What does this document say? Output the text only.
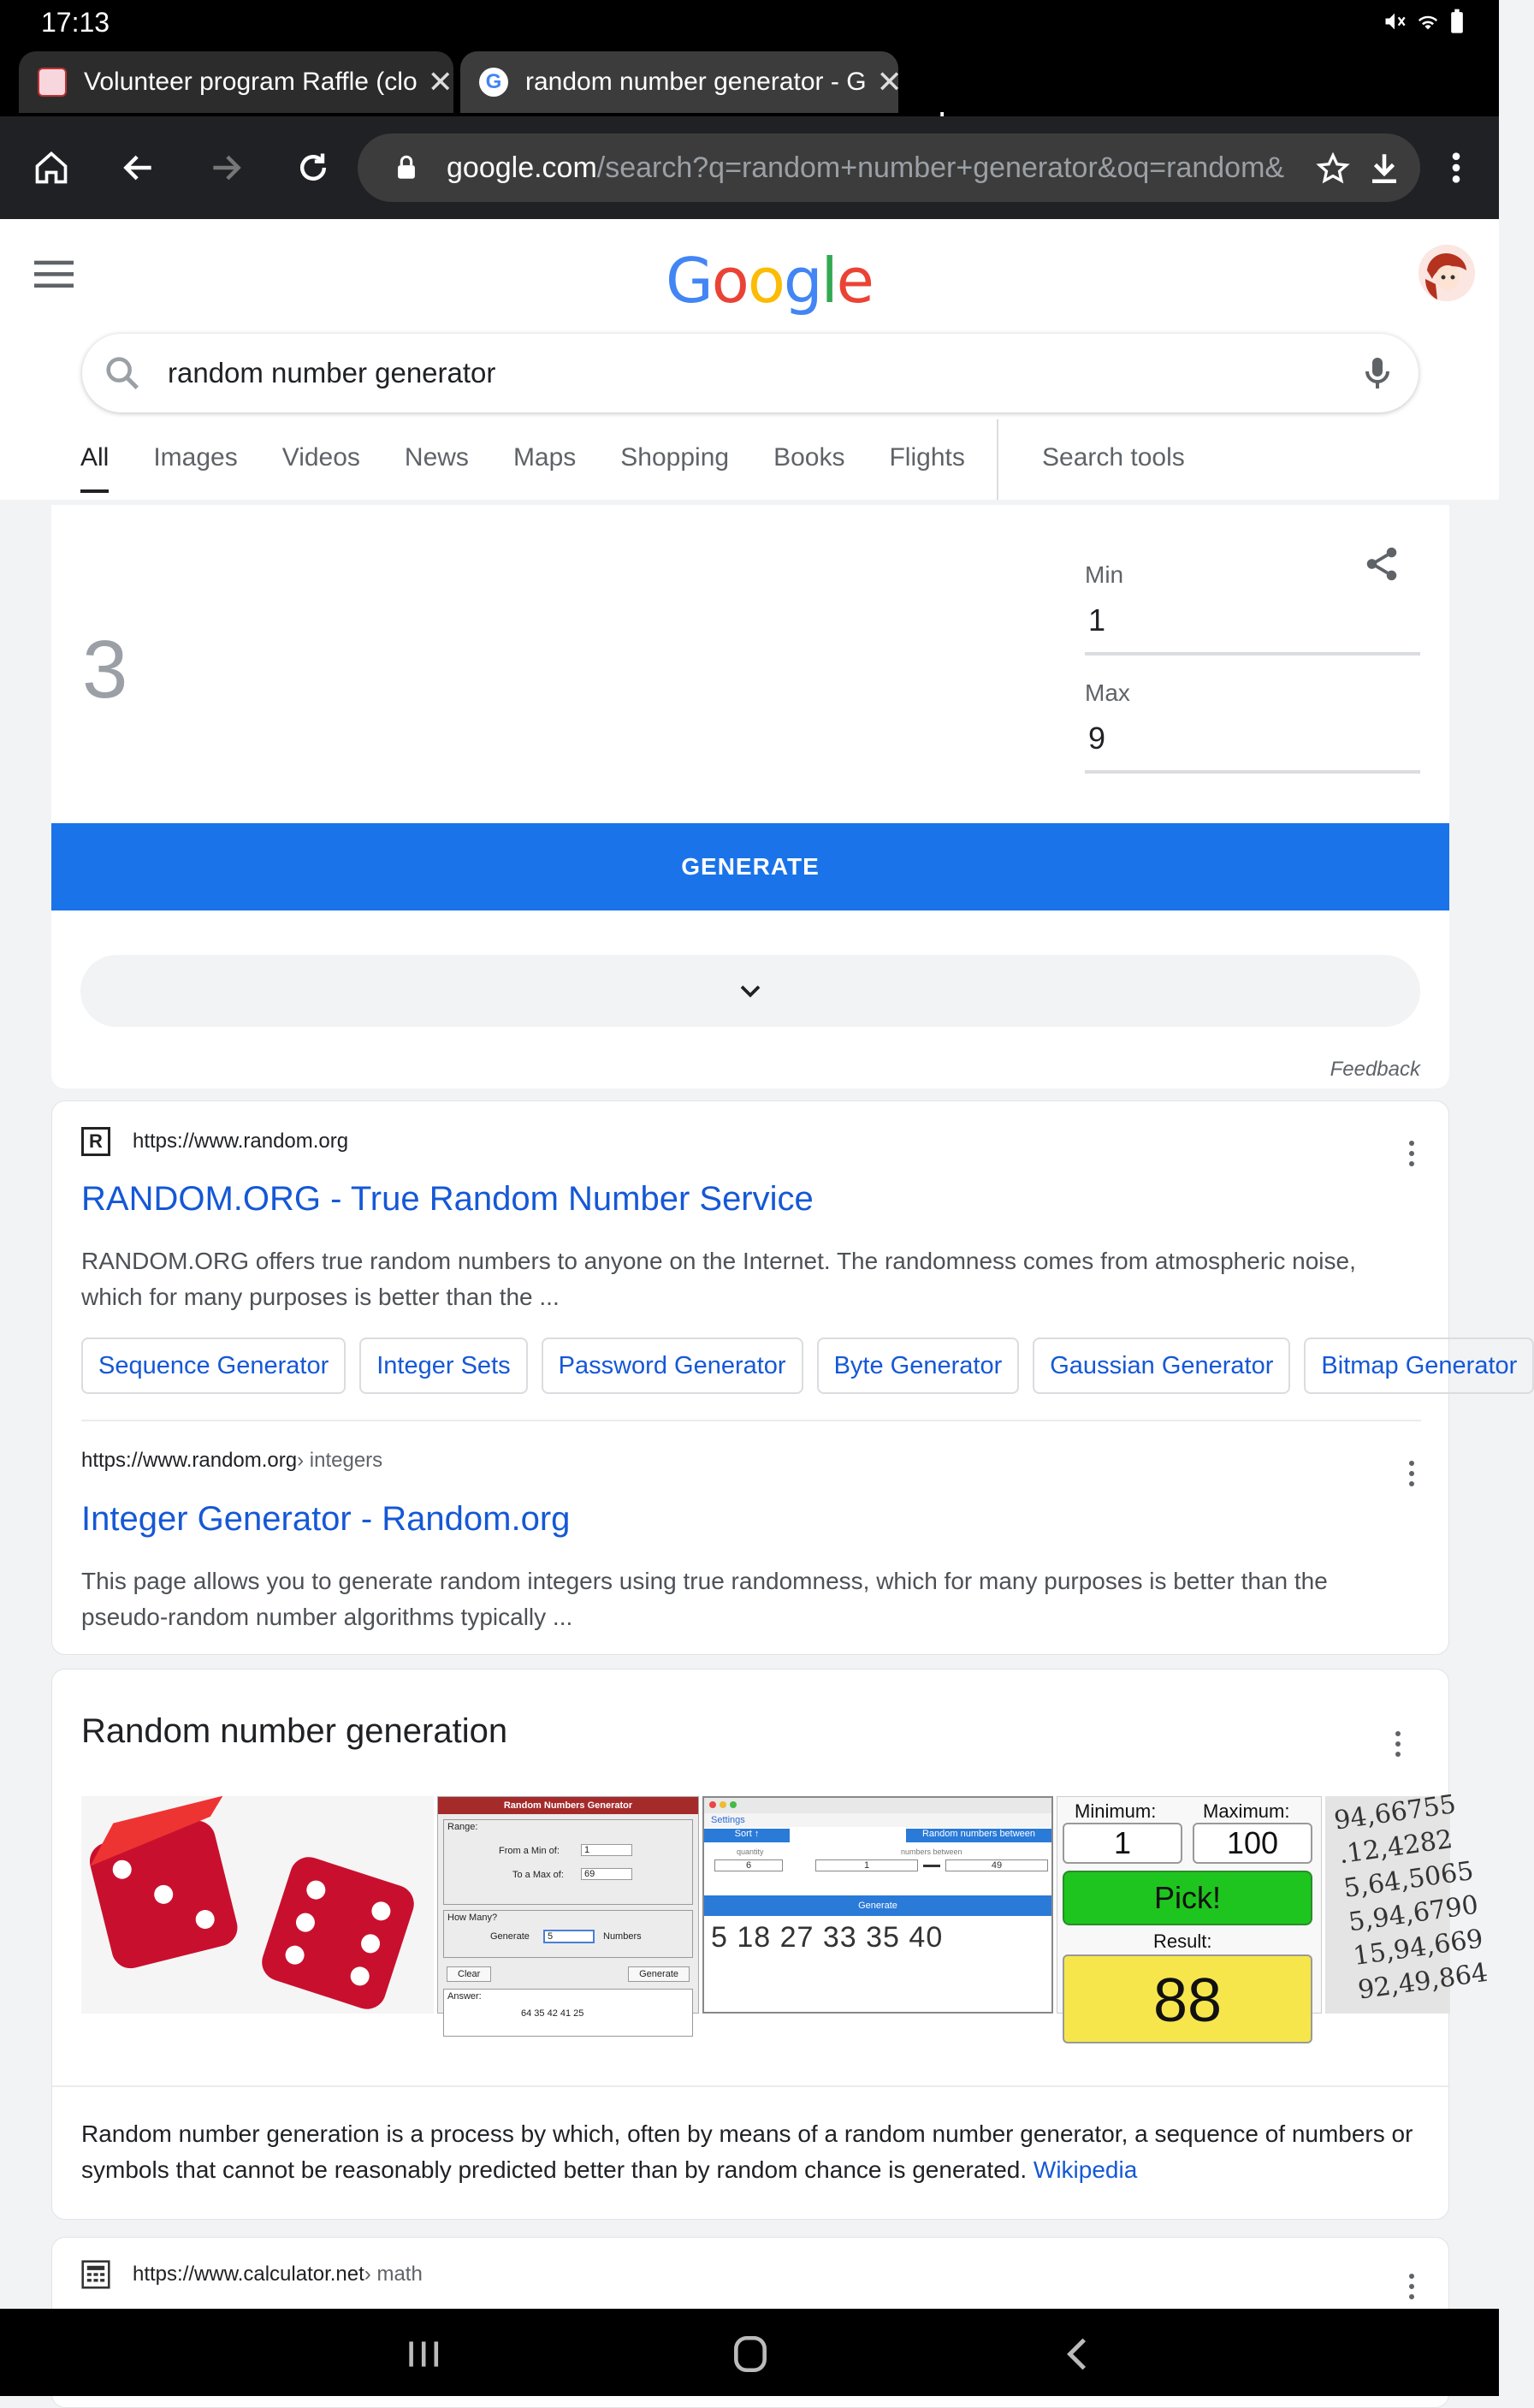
17:13
Volunteer program Raffle (clo ✕	G random number generator - G ✕
google.com/search?q=random+number+generator&oq=random&
Google
random number generator
All Images Videos News Maps Shopping Books Flights	Search tools
3
Min
1
Max
9
GENERATE
Feedback
R	https://www.random.org
RANDOM.ORG - True Random Number Service
RANDOM.ORG offers true random numbers to anyone on the Internet. The randomness comes from atmospheric noise, which for many purposes is better than the ...
Sequence Generator	Integer Sets	Password Generator	Byte Generator	Gaussian Generator	Bitmap Generator
https://www.random.org › integers
Integer Generator - Random.org
This page allows you to generate random integers using true randomness, which for many purposes is better than the pseudo-random number algorithms typically ...
Random number generation
Random Numbers Generator
Range:
From a Min of:	1
To a Max of:	69
How Many?
Generate	5	Numbers
Clear	Generate
Answer:
64 35 42 41 25
Settings
Sort ↑	Random numbers between
quantity
6
numbers between
1	49
Generate
5 18 27 33 35 40
Minimum: Maximum:
1	100
Pick!
Result:
88
94,66755
.12,4282
5,64,5065
5,94,6790
15,94,669
92,49,864
Random number generation is a process by which, often by means of a random number generator, a sequence of numbers or symbols that cannot be reasonably predicted better than by random chance is generated. Wikipedia
https://www.calculator.net › math
